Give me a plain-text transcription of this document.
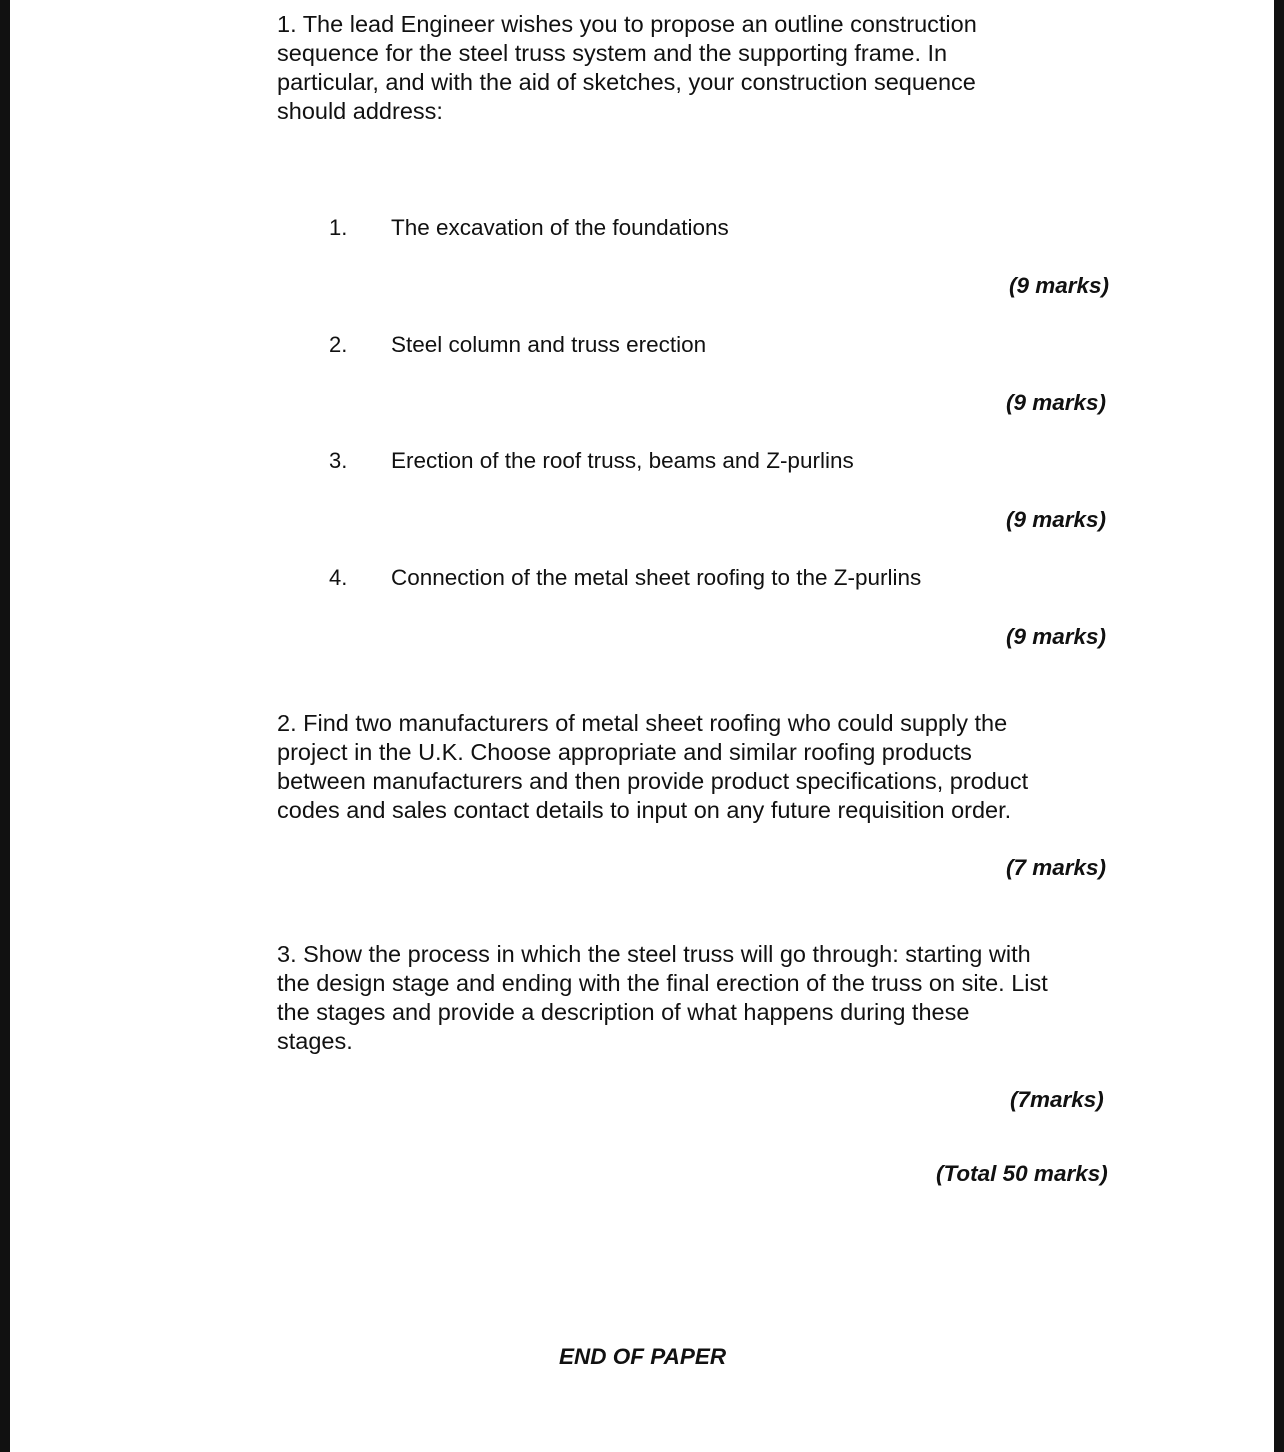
1. The lead Engineer wishes you to propose an outline construction
sequence for the steel truss system and the supporting frame. In
particular, and with the aid of sketches, your construction sequence
should address:
1. The excavation of the foundations
(9 marks)
2. Steel column and truss erection
(9 marks)
3. Erection of the roof truss, beams and Z-purlins
(9 marks)
4. Connection of the metal sheet roofing to the Z-purlins
(9 marks)
2. Find two manufacturers of metal sheet roofing who could supply the
project in the U.K. Choose appropriate and similar roofing products
between manufacturers and then provide product specifications, product
codes and sales contact details to input on any future requisition order.
(7 marks)
3. Show the process in which the steel truss will go through: starting with
the design stage and ending with the final erection of the truss on site. List
the stages and provide a description of what happens during these
stages.
(7marks)
(Total 50 marks)
END OF PAPER
